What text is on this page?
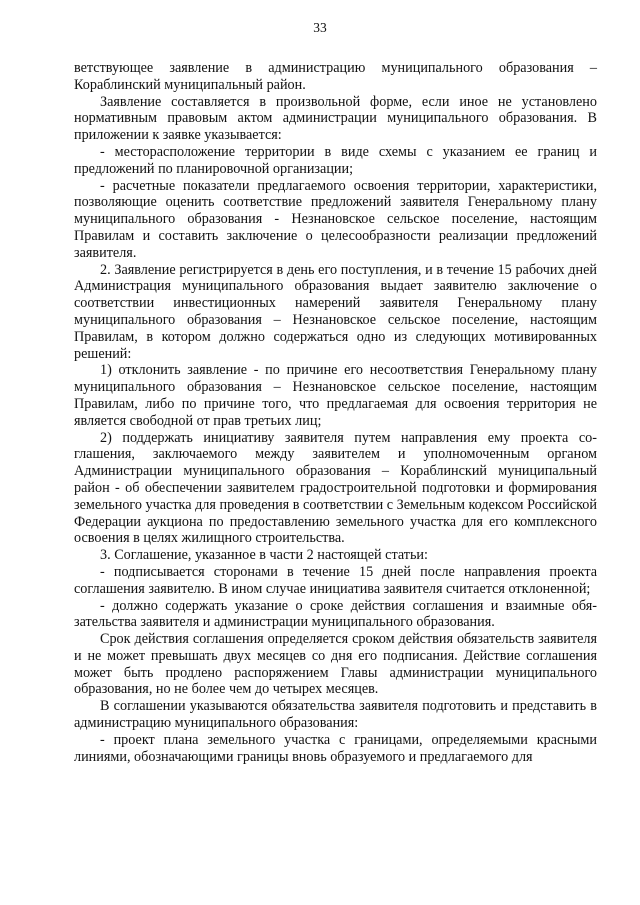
33

ветствующее заявление в администрацию муниципального образования – Кораблинский муниципальный район.

Заявление составляется в произвольной форме, если иное не установлено нормативным правовым актом администрации муниципального образования. В приложении к заявке указывается:

- месторасположение территории в виде схемы с указанием ее границ и предложений по планировочной организации;

- расчетные показатели предлагаемого освоения территории, характеристики, позволяющие оценить соответствие предложений заявителя Генеральному плану муниципального образования - Незнановское сельское поселение, настоящим Правилам и составить заключение о целесообразности реализации предложений заявителя.

2. Заявление регистрируется в день его поступления, и в течение 15 рабочих дней Администрация муниципального образования выдает заявителю заключение о соответствии инвестиционных намерений заявителя Генеральному плану муниципального образования – Незнановское сельское поселение, настоящим Правилам, в котором должно содержаться одно из следующих мотивированных решений:

1) отклонить заявление - по причине его несоответствия Генеральному плану муниципального образования – Незнановское сельское поселение, настоящим Правилам, либо по причине того, что предлагаемая для освоения территория не является свободной от прав третьих лиц;

2) поддержать инициативу заявителя путем направления ему проекта соглашения, заключаемого между заявителем и уполномоченным органом Администрации муниципального образования – Кораблинский муниципальный район - об обеспечении заявителем градостроительной подготовки и формирования земельного участка для проведения в соответствии с Земельным кодексом Российской Федерации аукциона по предоставлению земельного участка для его комплексного освоения в целях жилищного строительства.

3. Соглашение, указанное в части 2 настоящей статьи:

- подписывается сторонами в течение 15 дней после направления проекта соглашения заявителю. В ином случае инициатива заявителя считается отклоненной;

- должно содержать указание о сроке действия соглашения и взаимные обязательства заявителя и администрации муниципального образования.

Срок действия соглашения определяется сроком действия обязательств заявителя и не может превышать двух месяцев со дня его подписания. Действие соглашения может быть продлено распоряжением Главы администрации муниципального образования, но не более чем до четырех месяцев.

В соглашении указываются обязательства заявителя подготовить и представить в администрацию муниципального образования:

- проект плана земельного участка с границами, определяемыми красными линиями, обозначающими границы вновь образуемого и предлагаемого для
